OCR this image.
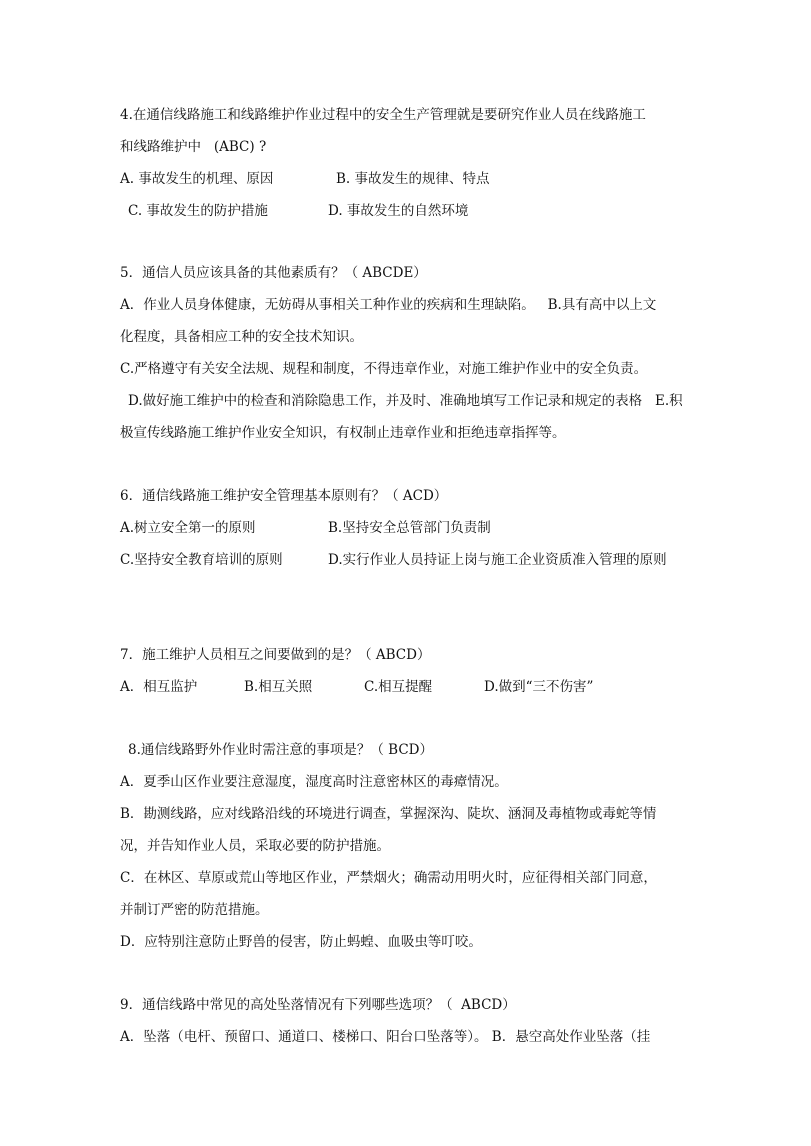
4.在通信线路施工和线路维护作业过程中的安全生产管理就是要研究作业人员在线路施工

和线路维护中   (ABC) ?

A. 事故发生的机理、原因	B. 事故发生的规律、特点

C. 事故发生的防护措施	D. 事故发生的自然环境

5．通信人员应该具备的其他素质有？（ ABCDE）

A．作业人员身体健康，无妨碍从事相关工种作业的疾病和生理缺陷。   B.具有高中以上文

化程度，具备相应工种的安全技术知识。

C.严格遵守有关安全法规、规程和制度，不得违章作业，对施工维护作业中的安全负责。

D.做好施工维护中的检查和消除隐患工作，并及时、准确地填写工作记录和规定的表格   E.积

极宣传线路施工维护作业安全知识，有权制止违章作业和拒绝违章指挥等。

6．通信线路施工维护安全管理基本原则有？（ ACD）

A.树立安全第一的原则	B.坚持安全总管部门负责制

C.坚持安全教育培训的原则	D.实行作业人员持证上岗与施工企业资质准入管理的原则

7．施工维护人员相互之间要做到的是？（ ABCD）

A．相互监护	B.相互关照	C.相互提醒	D.做到“三不伤害”

8.通信线路野外作业时需注意的事项是？（ BCD）

A．夏季山区作业要注意湿度，湿度高时注意密林区的毒瘴情况。

B．勘测线路，应对线路沿线的环境进行调查，掌握深沟、陡坎、涵洞及毒植物或毒蛇等情

况，并告知作业人员，采取必要的防护措施。

C．在林区、草原或荒山等地区作业，严禁烟火；确需动用明火时，应征得相关部门同意，

并制订严密的防范措施。

D．应特别注意防止野兽的侵害，防止蚂蝗、血吸虫等叮咬。

9．通信线路中常见的高处坠落情况有下列哪些选项？（  ABCD）

A．坠落（电杆、预留口、通道口、楼梯口、阳台口坠落等）。 B．悬空高处作业坠落（挂
